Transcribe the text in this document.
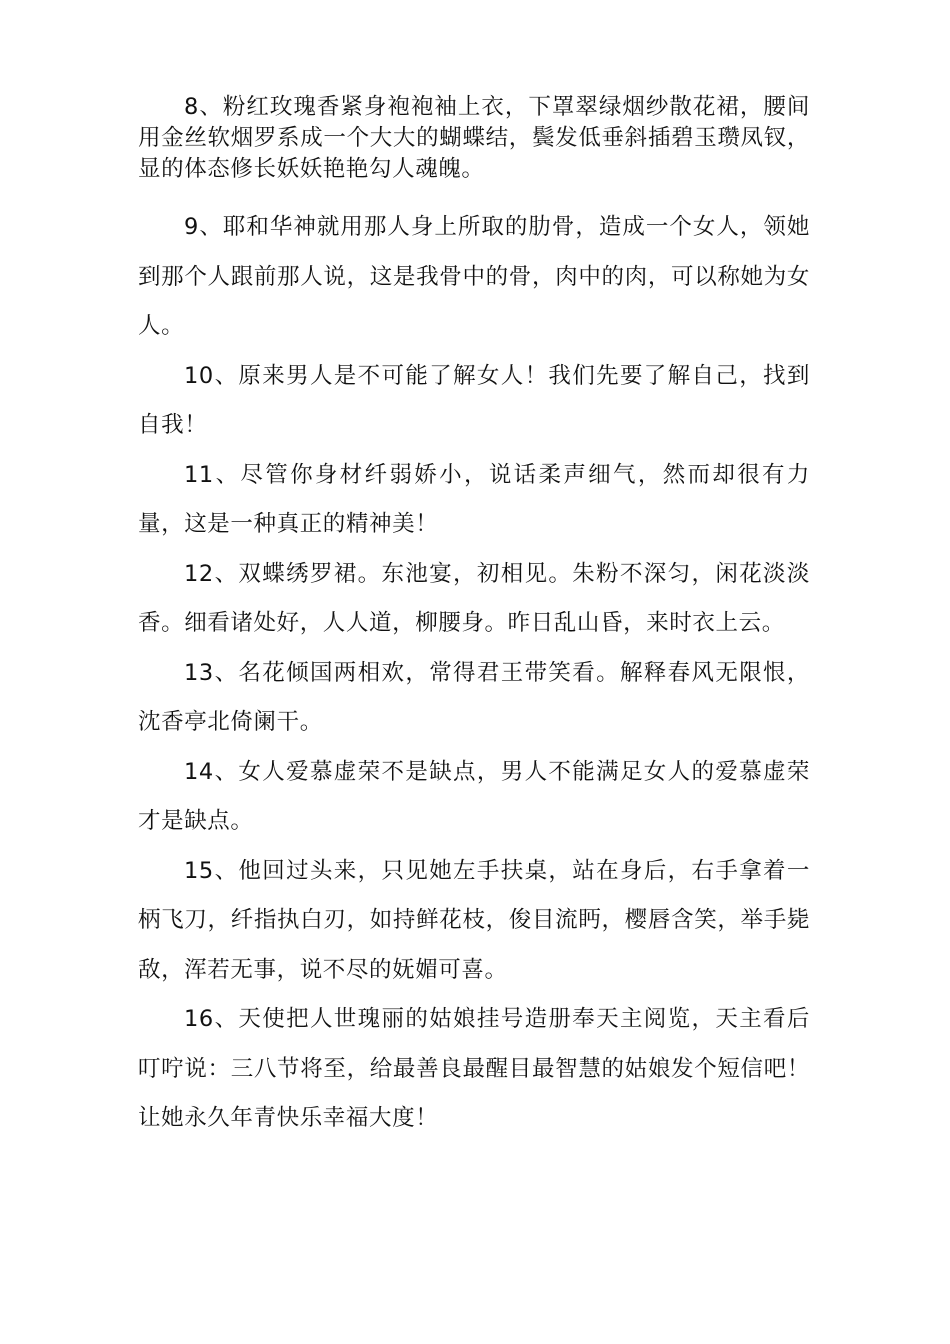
8、粉红玫瑰香紧身袍袍袖上衣，下罩翠绿烟纱散花裙，腰间用金丝软烟罗系成一个大大的蝴蝶结，鬓发低垂斜插碧玉瓒凤钗，显的体态修长妖妖艳艳勾人魂魄。

9、耶和华神就用那人身上所取的肋骨，造成一个女人，领她到那个人跟前那人说，这是我骨中的骨，肉中的肉，可以称她为女人。

10、原来男人是不可能了解女人！我们先要了解自己，找到自我！

11、尽管你身材纤弱娇小，说话柔声细气，然而却很有力量，这是一种真正的精神美！

12、双蝶绣罗裙。东池宴，初相见。朱粉不深匀，闲花淡淡香。细看诸处好，人人道，柳腰身。昨日乱山昏，来时衣上云。

13、名花倾国两相欢，常得君王带笑看。解释春风无限恨，沈香亭北倚阑干。

14、女人爱慕虚荣不是缺点，男人不能满足女人的爱慕虚荣才是缺点。

15、他回过头来，只见她左手扶桌，站在身后，右手拿着一柄飞刀，纤指执白刃，如持鲜花枝，俊目流眄，樱唇含笑，举手毙敌，浑若无事，说不尽的妩媚可喜。

16、天使把人世瑰丽的姑娘挂号造册奉天主阅览，天主看后叮咛说：三八节将至，给最善良最醒目最智慧的姑娘发个短信吧！让她永久年青快乐幸福大度！
